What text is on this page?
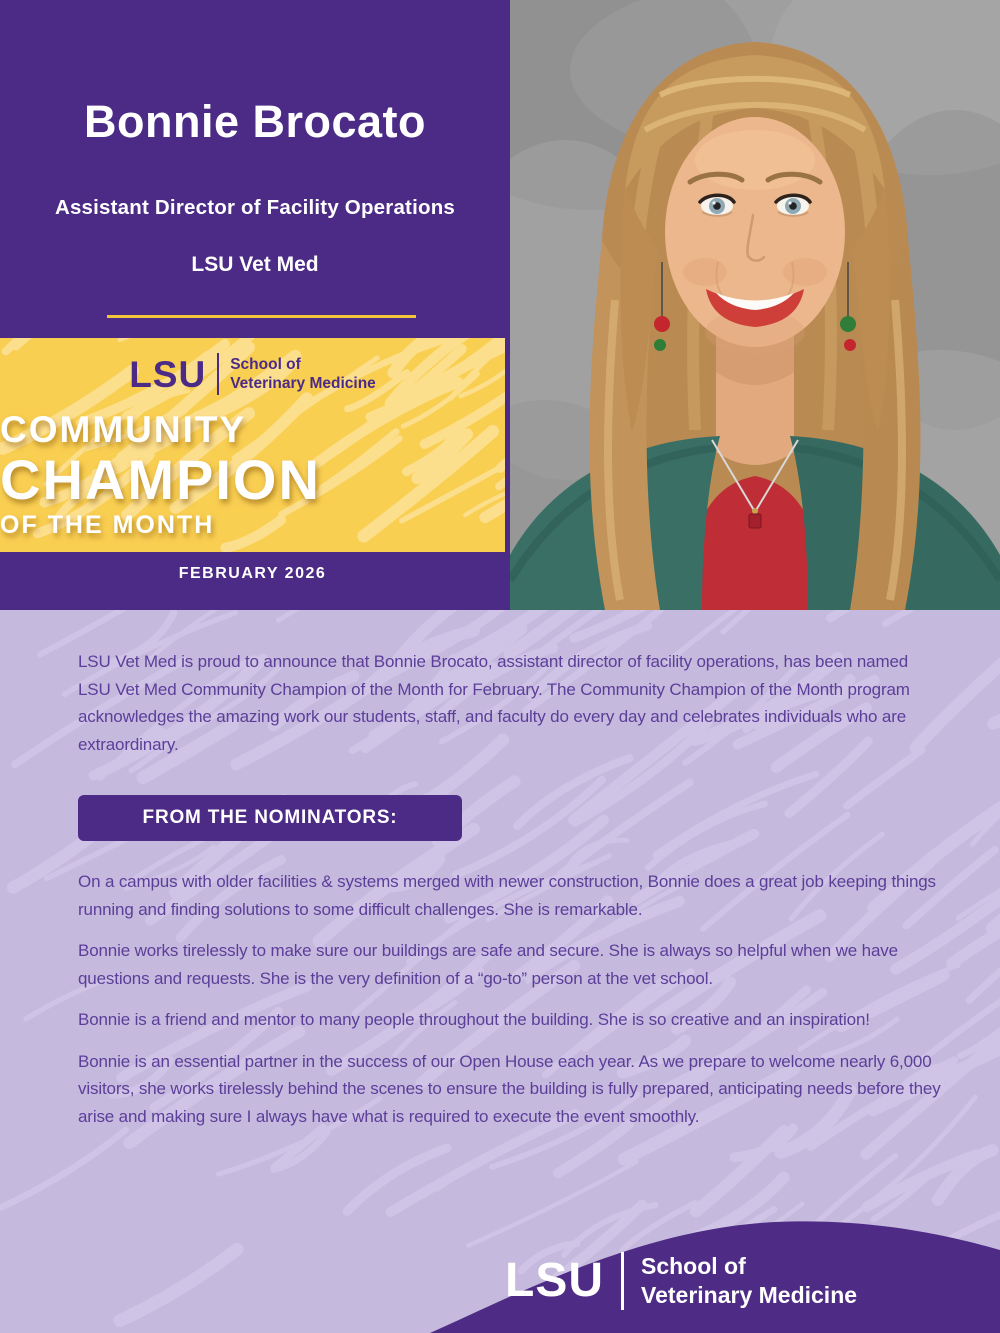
Bonnie Brocato
Assistant Director of Facility Operations
LSU Vet Med
LSU School of
Veterinary Medicine
COMMUNITY
CHAMPION
OF THE MONTH
FEBRUARY 2026

LSU Vet Med is proud to announce that Bonnie Brocato, assistant director of facility operations, has been named LSU Vet Med Community Champion of the Month for February. The Community Champion of the Month program acknowledges the amazing work our students, staff, and faculty do every day and celebrates individuals who are extraordinary.

FROM THE NOMINATORS:

On a campus with older facilities & systems merged with newer construction, Bonnie does a great job keeping things running and finding solutions to some difficult challenges. She is remarkable.

Bonnie works tirelessly to make sure our buildings are safe and secure. She is always so helpful when we have questions and requests. She is the very definition of a “go-to” person at the vet school.

Bonnie is a friend and mentor to many people throughout the building. She is so creative and an inspiration!

Bonnie is an essential partner in the success of our Open House each year. As we prepare to welcome nearly 6,000 visitors, she works tirelessly behind the scenes to ensure the building is fully prepared, anticipating needs before they arise and making sure I always have what is required to execute the event smoothly.

LSU School of
Veterinary Medicine
